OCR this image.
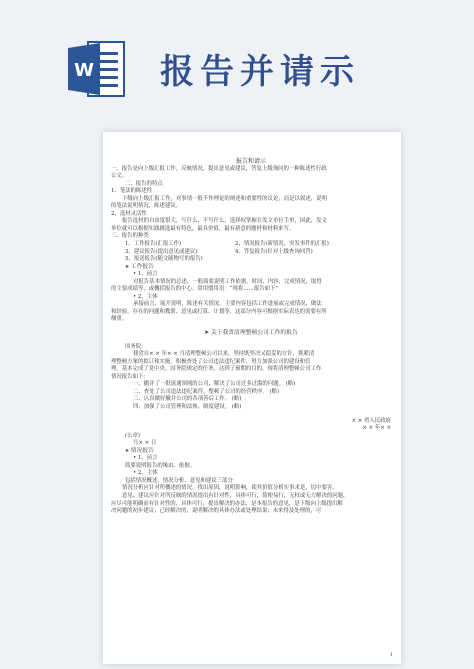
W 报告并请示

报告和请示

一、报告是向上级汇报工作，反映情况，提出意见或建议，答复上级询问的一种陈述性行政

公文。

二、报告的特点

1、笔法的陈述性

下级向上级汇报工作，对事情一般不作理论的阐述和重要性的议论，而是以叙述，说明

的笔法说明情况，陈述建议。

2、选材灵活性

报告选材的自由度很大，写什么，不写什么，选择权掌握在发文单位手里，因此，发文

单位就可以根据实践挑选最有特色，最具价值，最有新意的题材和材料来写。

三、报告的种类

1、工作报告(汇报工作)	2、情况报告(新情况、突发事件的汇报)

3、建议报告(提出意见或建议)	4、答复报告(针对上级查询回答)

5、报送报告(随文随物写的报告)

➤ 工作报告

• 1、前言

对报告基本情况的总述，一般简要说明工作依据，时间，内容，完成情况，取得

的主要成绩等，或概括报告的中心。常用惯用语：“现将……报告如下”

• 2、主体

承接前言，展开说明，陈述有关情况。主要内容包括工作进展或完成情况、做法

和经验，存在的问题和教训、意见或打算、计划等，这部分内容可根据实际表达的需要有所

侧重。

➤ 关于我省清理整顿公司工作的报告

国务院：

我省自× × 年× × 月清理整顿公司以来，坚持既坚决又稳妥的方针，抓紧清

理整顿方案的拟订和实施，积极查处了公司违法违纪案件，努力加强公司的建设和管

理。基本完成了党中央、国务院规定的任务，达到了预期的目的，现将清理整顿公司工作

情况报告如下：

一、撤并了一批流通领域的公司，解决了公司过多过滥的问题。 (略)

二、查处了公司违法违纪案件，整顿了公司的经营秩序。 (略)

三、认真做好撤并公司的各项善后工作。 (略)

四、加强了公司管理和法规、制度建设。 (略)

× × 省人民政府

× × 年× ×

(公章)

月× × 日

➤ 情况报告

• 1、前言

简要说明报告的缘由、依据。

• 2、主体

包括情况概述、情况分析、意见和建议三部分

情况分析应针对所概述的情况，找出原因，说明影响，使其价值分析实事求是，切中要害。

意见、建议应针对所反映的情况提出有针对性，具体可行，简便易行，无权或无力解决的问题，

应尽可能明确而有针对性的，具体可行，提出解决的办法，是本报告的意见，是下级向上级提出解

决问题的初步建议；已经解决的，说明解决的具体办法或处理结果；未来得及处理的，可

1
